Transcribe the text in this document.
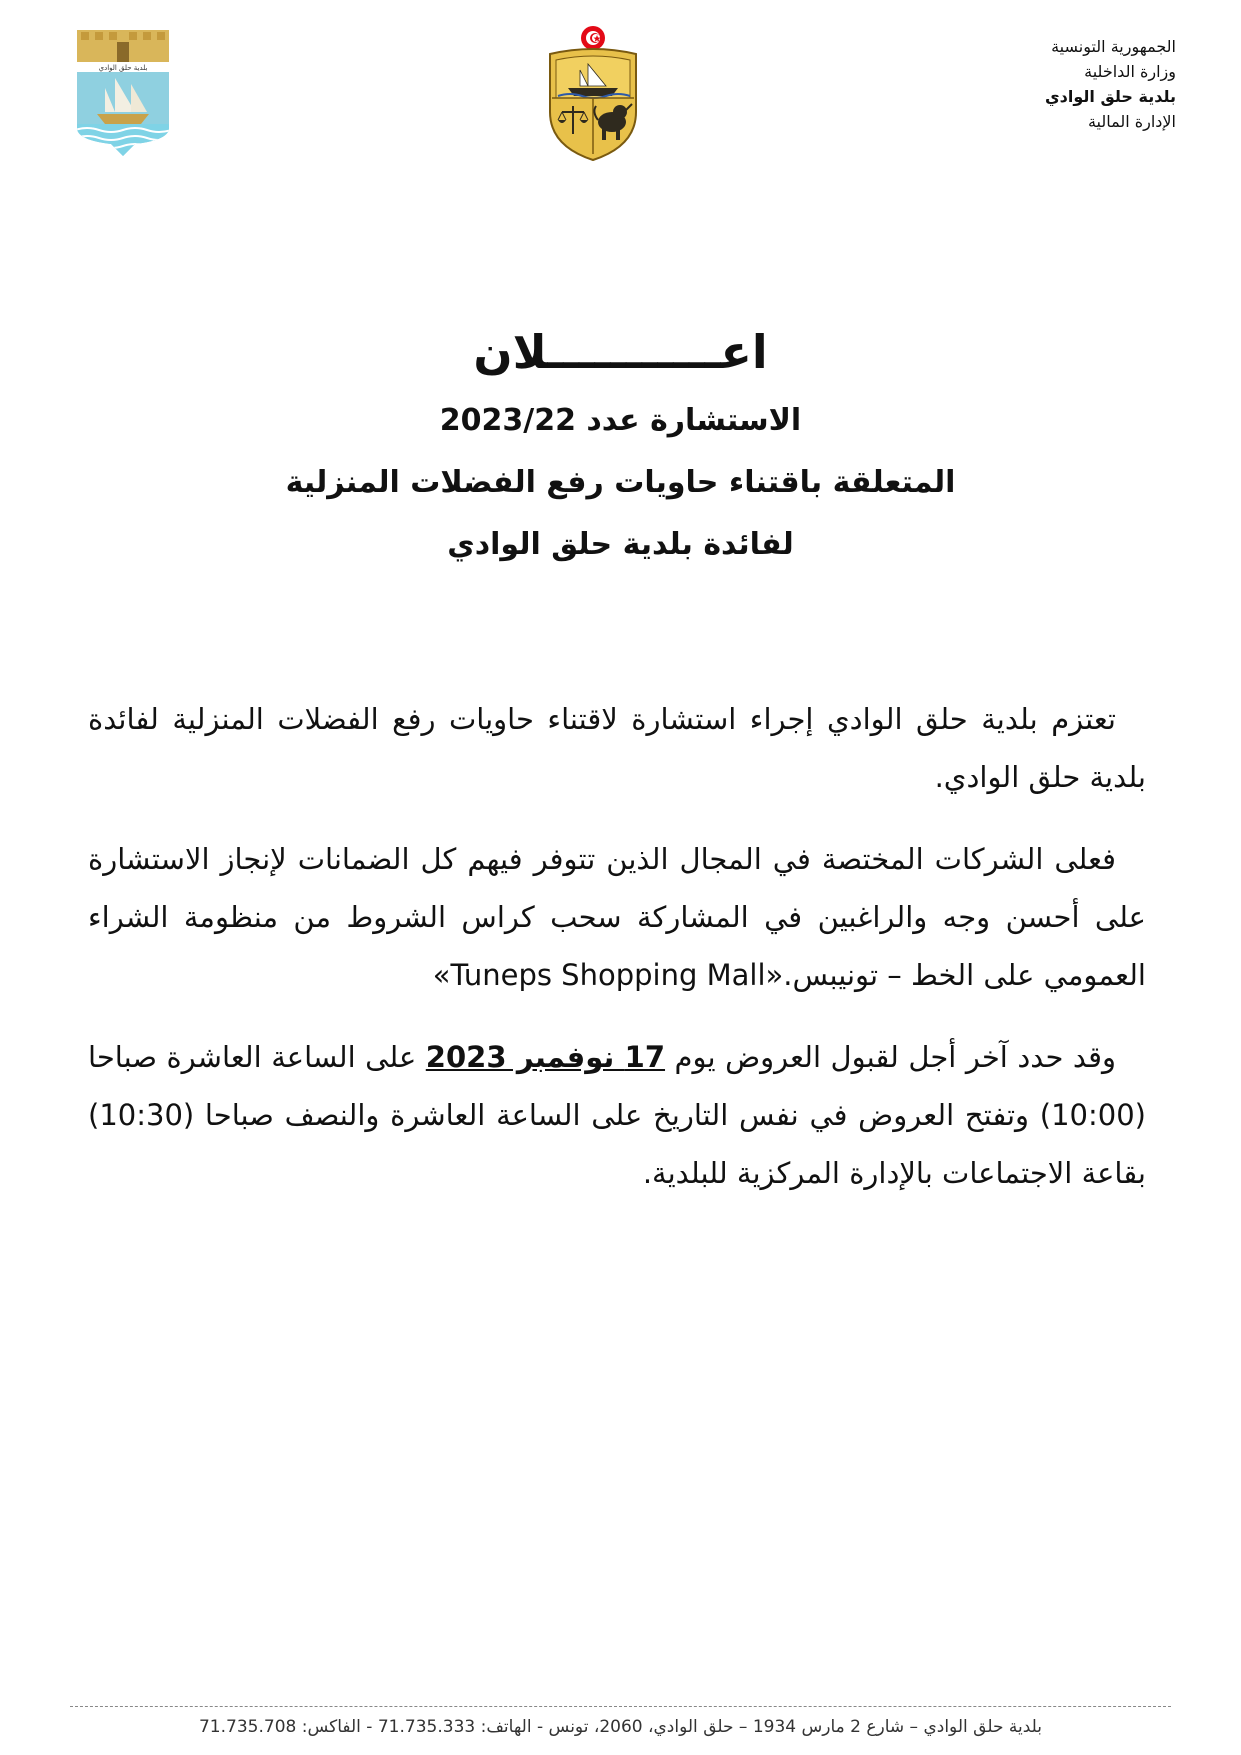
الجمهورية التونسية
وزارة الداخلية
بلدية حلق الوادي
الإدارة المالية
بلدية حلق الوادي
اعـــــــــــلان
الاستشارة عدد 2023/22
المتعلقة باقتناء حاويات رفع الفضلات المنزلية
لفائدة بلدية حلق الوادي

تعتزم بلدية حلق الوادي إجراء استشارة لاقتناء حاويات رفع الفضلات المنزلية لفائدة بلدية حلق الوادي.

فعلى الشركات المختصة في المجال الذين تتوفر فيهم كل الضمانات لإنجاز الاستشارة على أحسن وجه والراغبين في المشاركة سحب كراس الشروط من منظومة الشراء العمومي على الخط – تونيبس.«Tuneps Shopping Mall»

وقد حدد آخر أجل لقبول العروض يوم 17 نوفمبر 2023 على الساعة العاشرة صباحا (10:00) وتفتح العروض في نفس التاريخ على الساعة العاشرة والنصف صباحا (10:30) بقاعة الاجتماعات بالإدارة المركزية للبلدية.

بلدية حلق الوادي – شارع 2 مارس 1934 – حلق الوادي، 2060، تونس - الهاتف: 71.735.333 - الفاكس: 71.735.708
